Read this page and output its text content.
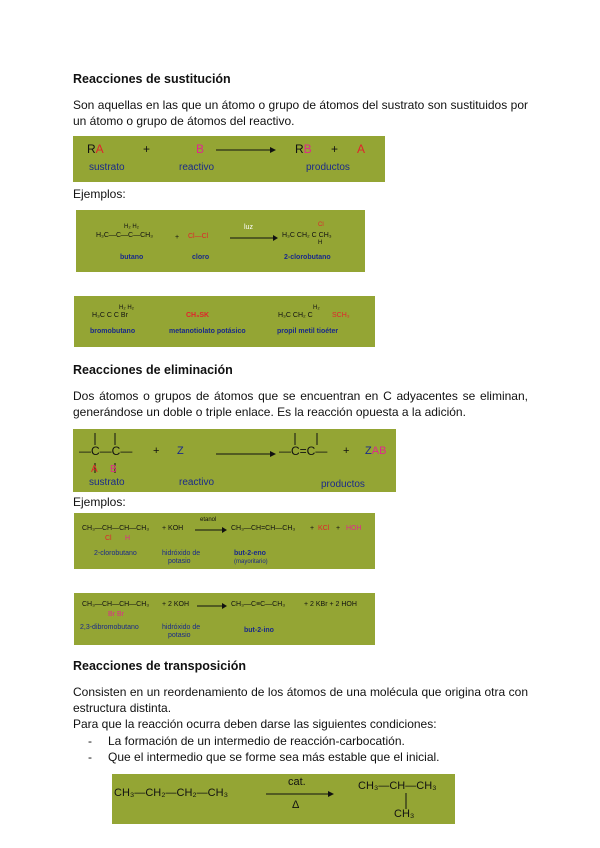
Reacciones de sustitución

Son aquellas en las que un átomo o grupo de átomos del sustrato son sustituidos por un átomo o grupo de átomos del reactivo.

RA	+	B → RB + A
sustrato	reactivo	productos
Ejemplos:
H₂ H₂
H₃C—C—C—CH₃	+ Cl—Cl
luz	Cl
H₃C CH₂ C CH₃
H
butano	cloro	2-clorobutano
H₂ H₂
H₃C C C Br	CH₃SK
H₂
H₃C CH₂ C	SCH₃
bromobutano	metanotiolato potásico	propil metil tioéter
Reacciones de eliminación

Dos átomos o grupos de átomos que se encuentran en C adyacentes se eliminan, generándose un doble o triple enlace. Es la reacción opuesta a la adición.

—C—C—
A B
+ Z → —C=C— + ZAB
sustrato	reactivo	productos
Ejemplos:
CH₃—CH—CH—CH₃
Cl H
+ KOH
etanol
→ CH₃—CH=CH—CH₃ + KCl + HOH
2-clorobutano	hidróxido de
potasio
but-2-eno
(mayoritario)
CH₃—CH—CH—CH₃
Br Br
+ 2 KOH → CH₃—C≡C—CH₃	+ 2 KBr + 2 HOH
2,3-dibromobutano	hidróxido de
potasio
but-2-ino
Reacciones de transposición

Consisten en un reordenamiento de los átomos de una molécula que origina otra con estructura distinta.

Para que la reacción ocurra deben darse las siguientes condiciones:

- La formación de un intermedio de reacción-carbocatión.
- Que el intermedio que se forme sea más estable que el inicial.
CH₃—CH₂—CH₂—CH₃
cat.
Δ
CH₃—CH—CH₃
CH₃
